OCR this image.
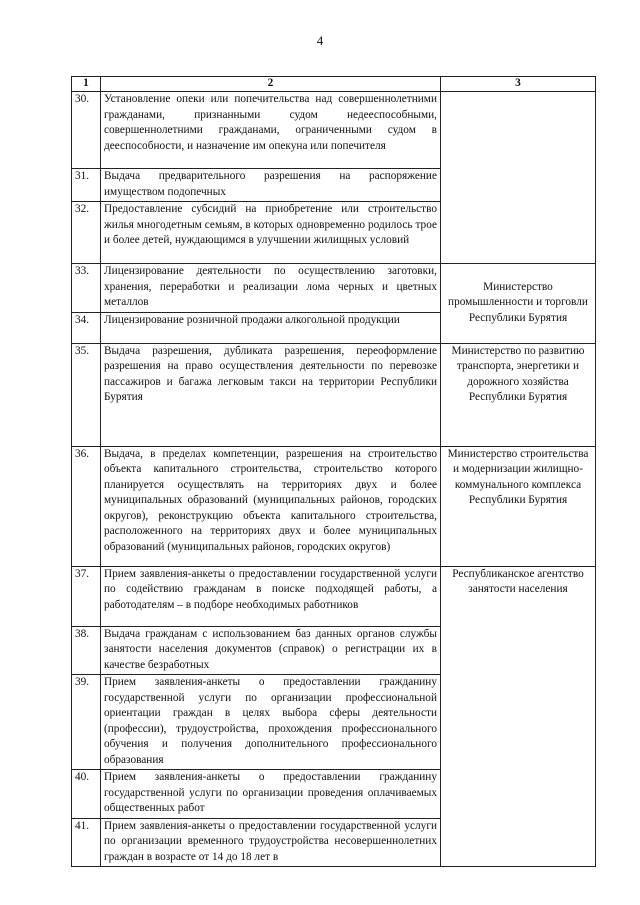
4
1	2	3
30.	Установление опеки или попечительства над совершеннолетними гражданами, признанными судом недееспособными, совершеннолетними гражданами, ограниченными судом в дееспособности, и назначение им опекуна или попечителя	
31.	Выдача предварительного разрешения на распоряжение имуществом подопечных	
32.	Предоставление субсидий на приобретение или строительство жилья многодетным семьям, в которых одновременно родилось трое и более детей, нуждающимся в улучшении жилищных условий	
33.	Лицензирование деятельности по осуществлению заготовки, хранения, переработки и реализации лома черных и цветных металлов	Министерство промышленности и торговли Республики Бурятия
34.	Лицензирование розничной продажи алкогольной продукции	
35.	Выдача разрешения, дубликата разрешения, переоформление разрешения на право осуществления деятельности по перевозке пассажиров и багажа легковым такси на территории Республики Бурятия	Министерство по развитию транспорта, энергетики и дорожного хозяйства Республики Бурятия
36.	Выдача, в пределах компетенции, разрешения на строительство объекта капитального строительства, строительство которого планируется осуществлять на территориях двух и более муниципальных образований (муниципальных районов, городских округов), реконструкцию объекта капитального строительства, расположенного на территориях двух и более муниципальных образований (муниципальных районов, городских округов)	Министерство строительства и модернизации жилищно-коммунального комплекса Республики Бурятия
37.	Прием заявления-анкеты о предоставлении государственной услуги по содействию гражданам в поиске подходящей работы, а работодателям – в подборе необходимых работников	Республиканское агентство занятости населения
38.	Выдача гражданам с использованием баз данных органов службы занятости населения документов (справок) о регистрации их в качестве безработных	
39.	Прием заявления-анкеты о предоставлении гражданину государственной услуги по организации профессиональной ориентации граждан в целях выбора сферы деятельности (профессии), трудоустройства, прохождения профессионального обучения и получения дополнительного профессионального образования	
40.	Прием заявления-анкеты о предоставлении гражданину государственной услуги по организации проведения оплачиваемых общественных работ	
41.	Прием заявления-анкеты о предоставлении государственной услуги по организации временного трудоустройства несовершеннолетних граждан в возрасте от 14 до 18 лет в	
